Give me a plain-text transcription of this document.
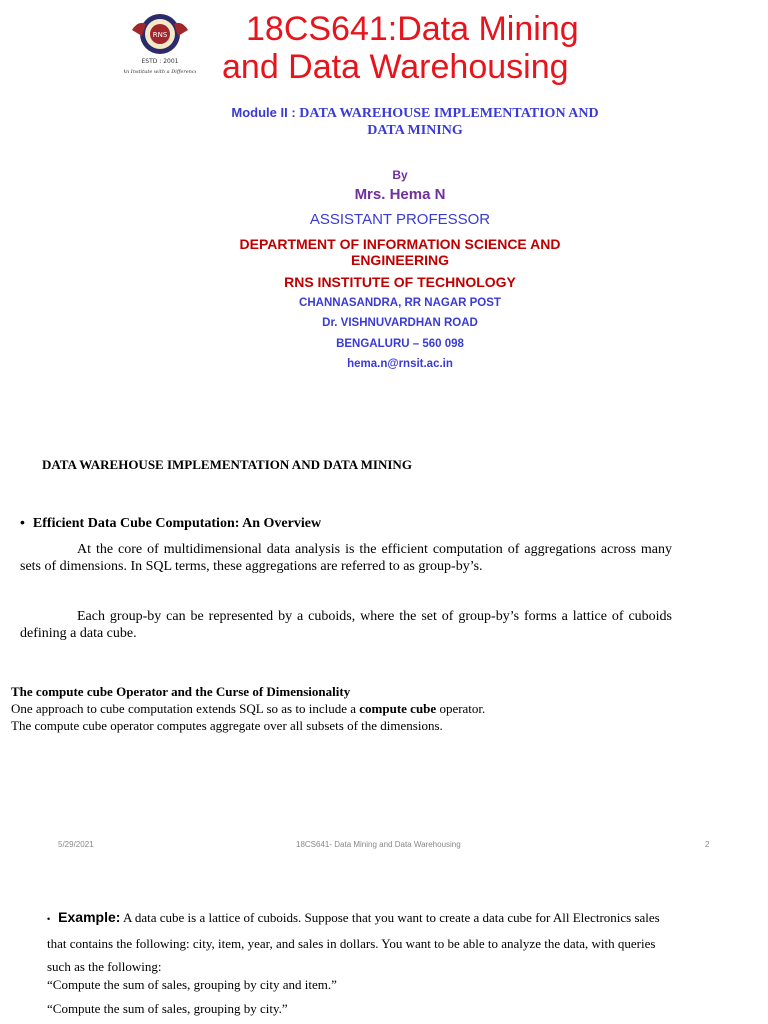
RNS
ESTD : 2001
An Institute with a Difference
18CS641:Data Mining
and Data Warehousing
Module II : DATA WAREHOUSE IMPLEMENTATION AND
DATA MINING
By
Mrs. Hema N
ASSISTANT PROFESSOR
DEPARTMENT OF INFORMATION SCIENCE AND
ENGINEERING
RNS INSTITUTE OF TECHNOLOGY
CHANNASANDRA, RR NAGAR POST
Dr. VISHNUVARDHAN ROAD
BENGALURU – 560 098
hema.n@rnsit.ac.in
DATA WAREHOUSE IMPLEMENTATION AND DATA MINING
• Efficient Data Cube Computation: An Overview
At the core of multidimensional data analysis is the efficient computation of aggregations across many sets of dimensions. In SQL terms, these aggregations are referred to as group-by’s.
Each group-by can be represented by a cuboids, where the set of group-by’s forms a lattice of cuboids defining a data cube.
The compute cube Operator and the Curse of Dimensionality
One approach to cube computation extends SQL so as to include a compute cube operator.
The compute cube operator computes aggregate over all subsets of the dimensions.
5/29/2021	18CS641- Data Mining and Data Warehousing	2
• Example: A data cube is a lattice of cuboids. Suppose that you want to create a data cube for All Electronics sales that contains the following: city, item, year, and sales in dollars. You want to be able to analyze the data, with queries such as the following:
“Compute the sum of sales, grouping by city and item.”
“Compute the sum of sales, grouping by city.”
